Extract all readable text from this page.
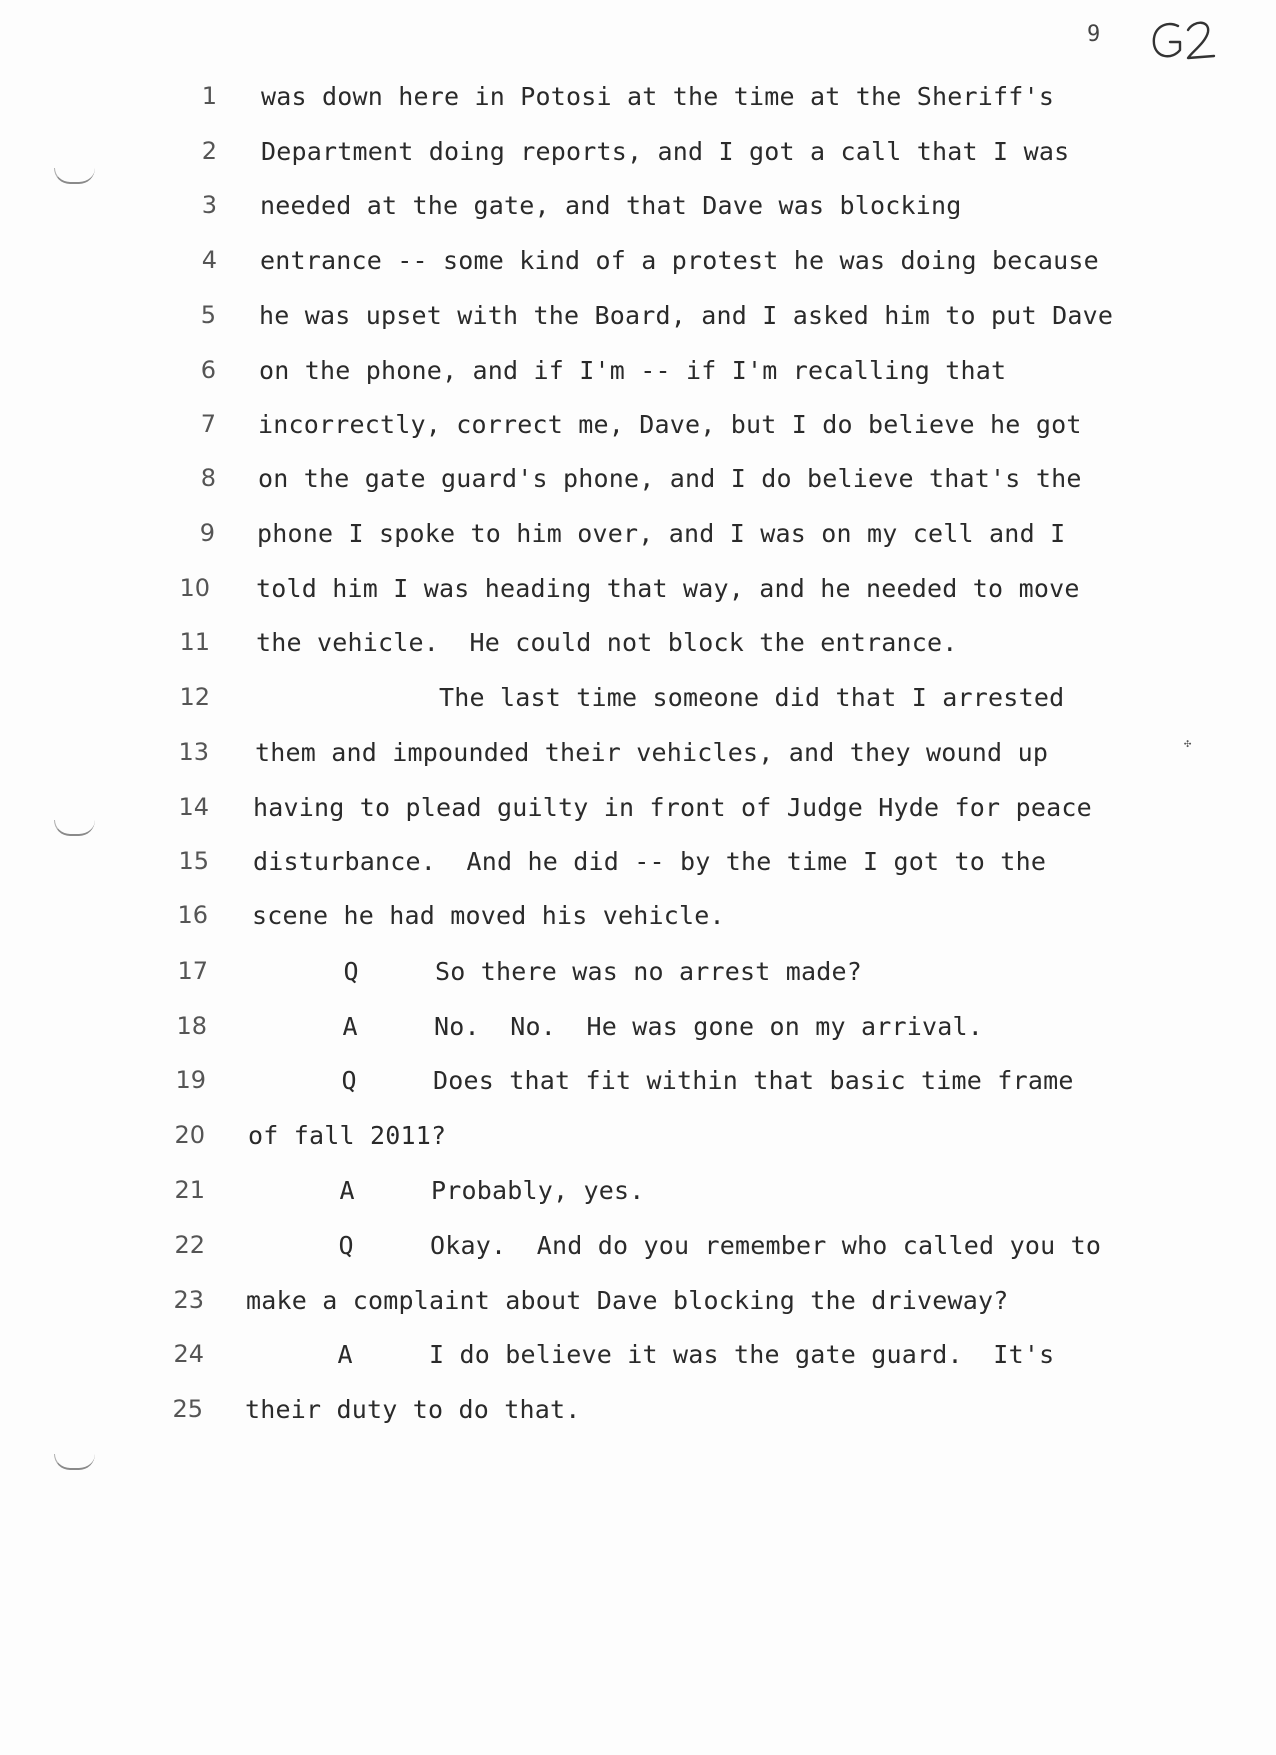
9
✣
1 was down here in Potosi at the time at the Sheriff's
2 Department doing reports, and I got a call that I was
3 needed at the gate, and that Dave was blocking
4 entrance -- some kind of a protest he was doing because
5 he was upset with the Board, and I asked him to put Dave
6 on the phone, and if I'm -- if I'm recalling that
7 incorrectly, correct me, Dave, but I do believe he got
8 on the gate guard's phone, and I do believe that's the
9 phone I spoke to him over, and I was on my cell and I
10 told him I was heading that way, and he needed to move
11 the vehicle.  He could not block the entrance.
12 The last time someone did that I arrested
13 them and impounded their vehicles, and they wound up
14 having to plead guilty in front of Judge Hyde for peace
15 disturbance.  And he did -- by the time I got to the
16 scene he had moved his vehicle.
17 Q     So there was no arrest made?
18 A     No.  No.  He was gone on my arrival.
19 Q     Does that fit within that basic time frame
20 of fall 2011?
21 A     Probably, yes.
22 Q     Okay.  And do you remember who called you to
23 make a complaint about Dave blocking the driveway?
24 A     I do believe it was the gate guard.  It's
25 their duty to do that.
